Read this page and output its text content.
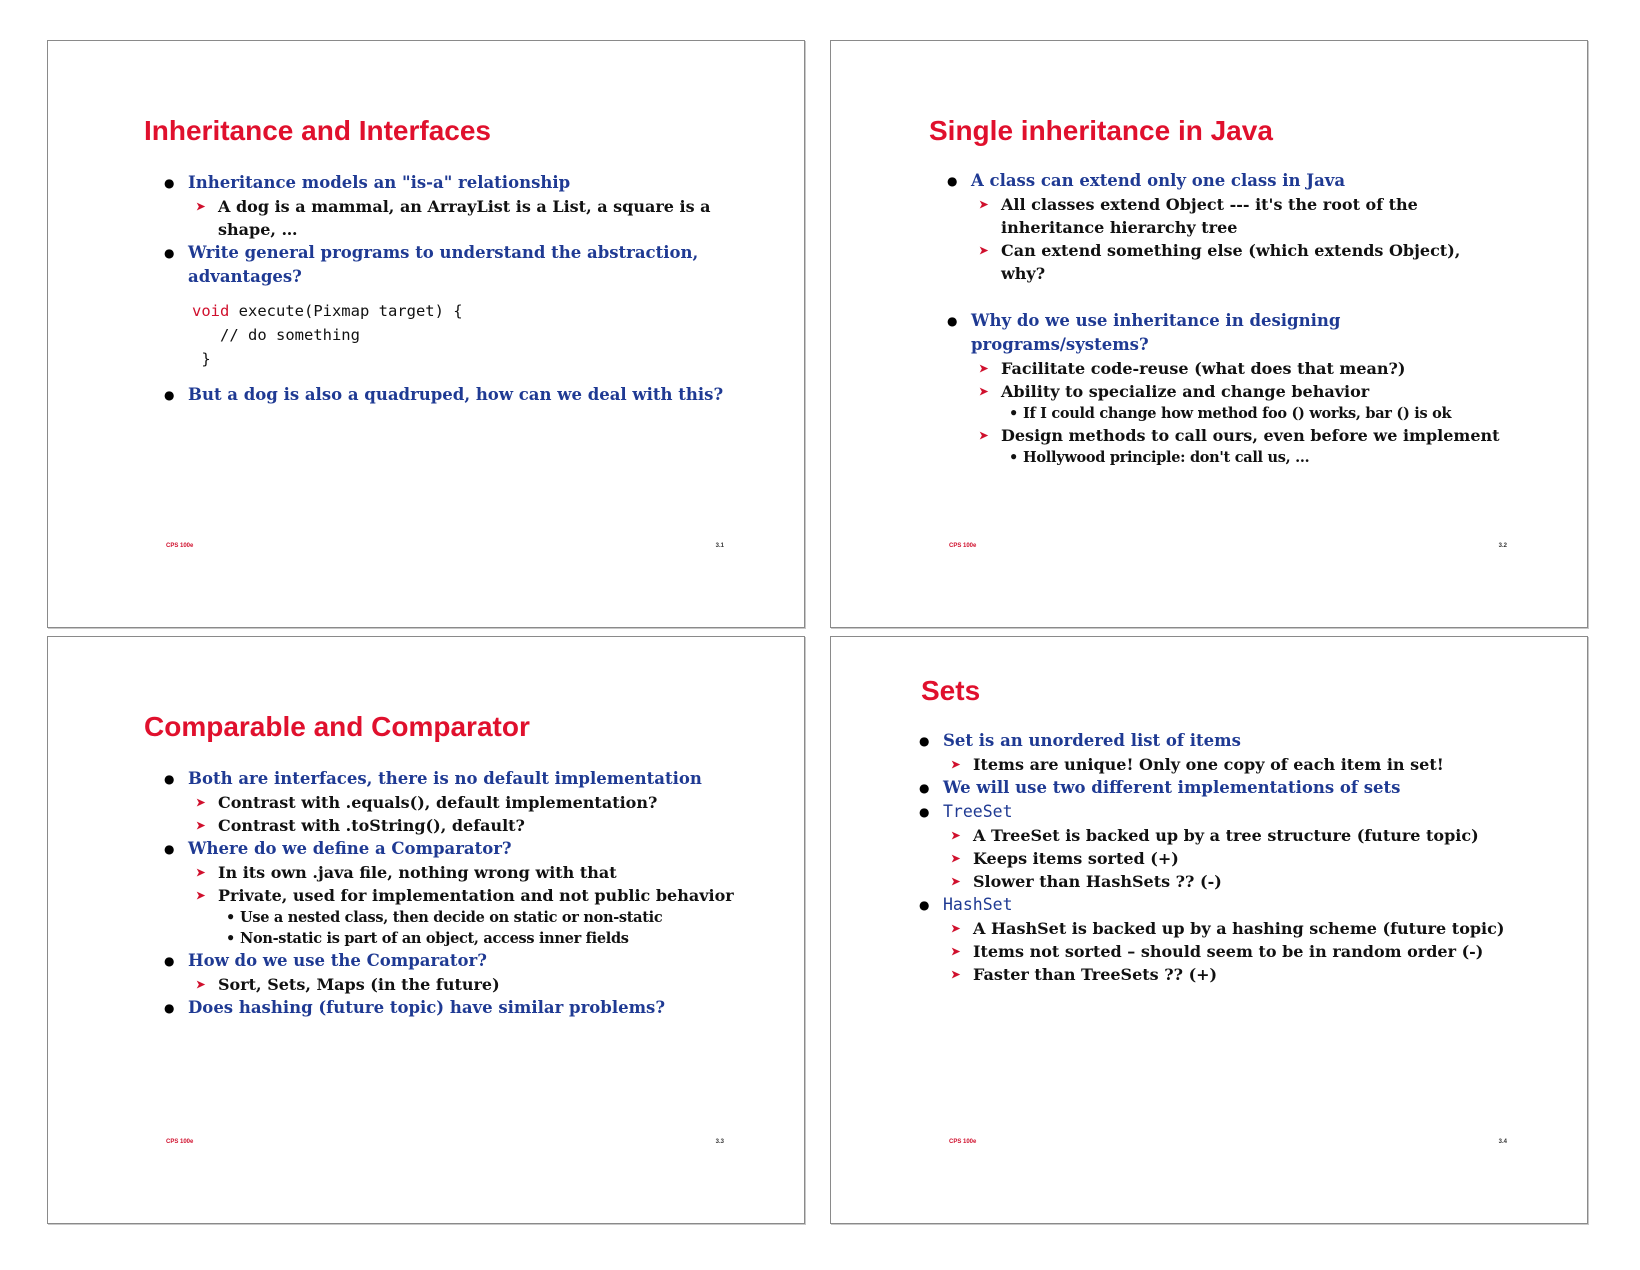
Inheritance and Interfaces

● Inheritance models an "is-a" relationship

➤ A dog is a mammal, an ArrayList is a List, a square is a shape, …

● Write general programs to understand the abstraction, advantages?

void execute(Pixmap target) {
// do something
}

● But a dog is also a quadruped, how can we deal with this?

CPS 100e	3.1
Single inheritance in Java

● A class can extend only one class in Java

➤ All classes extend Object --- it's the root of the inheritance hierarchy tree

➤ Can extend something else (which extends Object), why?

● Why do we use inheritance in designing programs/systems?

➤ Facilitate code-reuse (what does that mean?)

➤ Ability to specialize and change behavior

• If I could change how method foo () works, bar () is ok

➤ Design methods to call ours, even before we implement

• Hollywood principle: don't call us, …

CPS 100e	3.2
Comparable and Comparator

● Both are interfaces, there is no default implementation

➤ Contrast with .equals(), default implementation?

➤ Contrast with .toString(), default?

● Where do we define a Comparator?

➤ In its own .java file, nothing wrong with that

➤ Private, used for implementation and not public behavior

• Use a nested class, then decide on static or non-static

• Non-static is part of an object, access inner fields

● How do we use the Comparator?

➤ Sort, Sets, Maps (in the future)

● Does hashing (future topic) have similar problems?

CPS 100e	3.3
Sets

● Set is an unordered list of items

➤ Items are unique! Only one copy of each item in set!

● We will use two different implementations of sets

● TreeSet

➤ A TreeSet is backed up by a tree structure (future topic)

➤ Keeps items sorted (+)

➤ Slower than HashSets ?? (-)

● HashSet

➤ A HashSet is backed up by a hashing scheme (future topic)

➤ Items not sorted – should seem to be in random order (-)

➤ Faster than TreeSets ?? (+)

CPS 100e	3.4
